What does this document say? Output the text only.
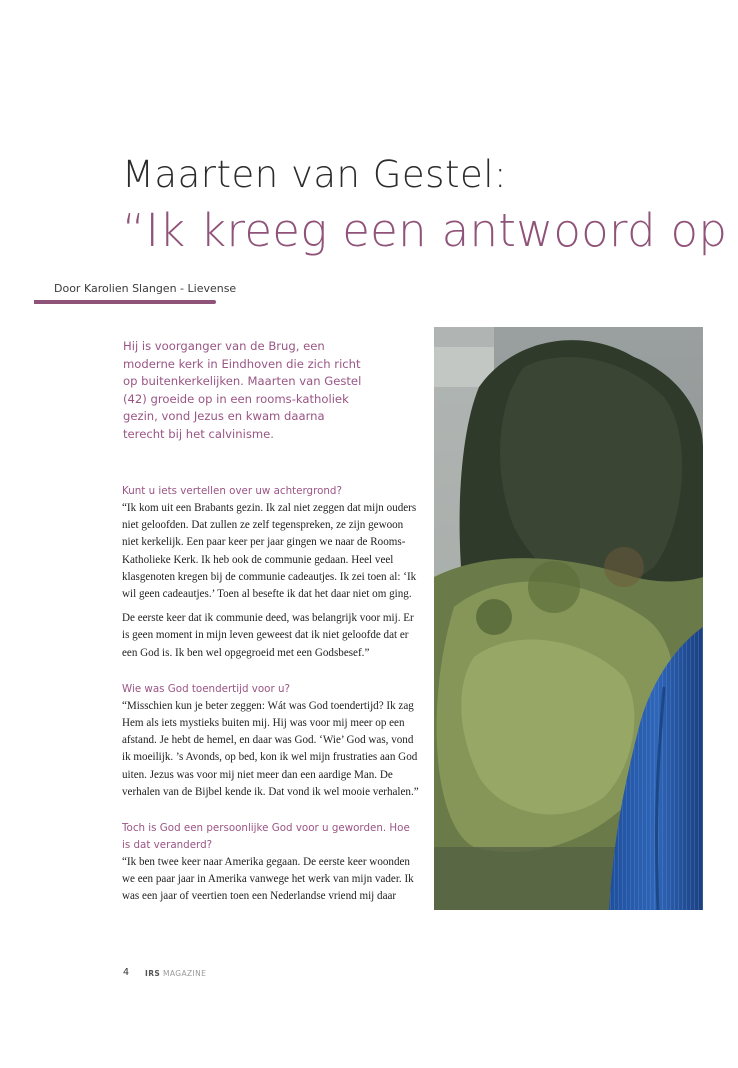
Maarten van Gestel:
“Ik kreeg een antwoord op
Door Karolien Slangen - Lievense

Hij is voorganger van de Brug, een moderne kerk in Eindhoven die zich richt op buitenkerkelijken. Maarten van Gestel (42) groeide op in een rooms-katholiek gezin, vond Jezus en kwam daarna terecht bij het calvinisme.

Kunt u iets vertellen over uw achtergrond?

“Ik kom uit een Brabants gezin. Ik zal niet zeggen dat mijn ouders niet geloofden. Dat zullen ze zelf tegenspreken, ze zijn gewoon niet kerkelijk. Een paar keer per jaar gingen we naar de Rooms-Katholieke Kerk. Ik heb ook de communie gedaan. Heel veel klasgenoten kregen bij de communie cadeautjes. Ik zei toen al: ‘Ik wil geen cadeautjes.’ Toen al besefte ik dat het daar niet om ging.

De eerste keer dat ik communie deed, was belangrijk voor mij. Er is geen moment in mijn leven geweest dat ik niet geloofde dat er een God is. Ik ben wel opgegroeid met een Godsbesef.”

Wie was God toendertijd voor u?

“Misschien kun je beter zeggen: Wát was God toendertijd? Ik zag Hem als iets mystieks buiten mij. Hij was voor mij meer op een afstand. Je hebt de hemel, en daar was God. ‘Wie’ God was, vond ik moeilijk. ’s Avonds, op bed, kon ik wel mijn frustraties aan God uiten. Jezus was voor mij niet meer dan een aardige Man. De verhalen van de Bijbel kende ik. Dat vond ik wel mooie verhalen.”

Toch is God een persoonlijke God voor u geworden. Hoe is dat veranderd?

“Ik ben twee keer naar Amerika gegaan. De eerste keer woonden we een paar jaar in Amerika vanwege het werk van mijn vader. Ik was een jaar of veertien toen een Nederlandse vriend mij daar

4 IRS MAGAZINE
